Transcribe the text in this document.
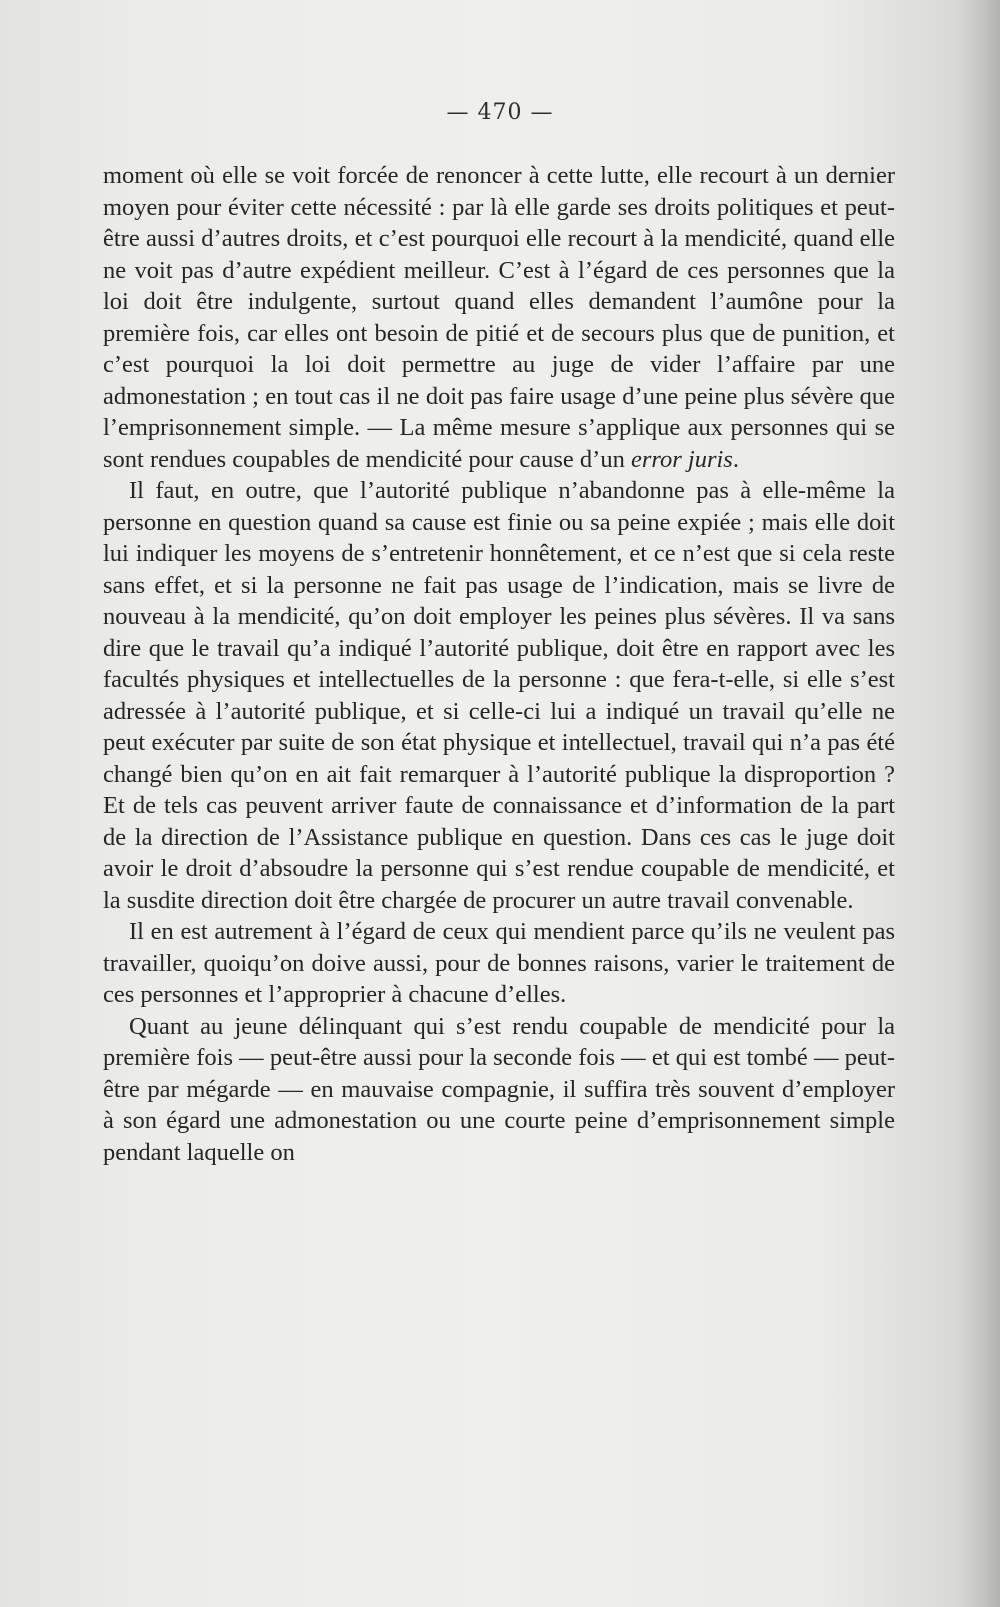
— 470 —

moment où elle se voit forcée de renoncer à cette lutte, elle recourt à un dernier moyen pour éviter cette nécessité : par là elle garde ses droits politiques et peut-être aussi d’autres droits, et c’est pourquoi elle recourt à la mendicité, quand elle ne voit pas d’autre expédient meilleur. C’est à l’égard de ces personnes que la loi doit être indulgente, surtout quand elles demandent l’aumône pour la première fois, car elles ont besoin de pitié et de secours plus que de punition, et c’est pourquoi la loi doit permettre au juge de vider l’affaire par une admonestation ; en tout cas il ne doit pas faire usage d’une peine plus sévère que l’emprisonnement simple. — La même mesure s’applique aux personnes qui se sont rendues coupables de mendicité pour cause d’un error juris.

Il faut, en outre, que l’autorité publique n’abandonne pas à elle-même la personne en question quand sa cause est finie ou sa peine expiée ; mais elle doit lui indiquer les moyens de s’entretenir honnêtement, et ce n’est que si cela reste sans effet, et si la personne ne fait pas usage de l’indication, mais se livre de nouveau à la mendicité, qu’on doit employer les peines plus sévères. Il va sans dire que le travail qu’a indiqué l’autorité publique, doit être en rapport avec les facultés physiques et intellectuelles de la personne : que fera-t-elle, si elle s’est adressée à l’autorité publique, et si celle-ci lui a indiqué un travail qu’elle ne peut exécuter par suite de son état physique et intellectuel, travail qui n’a pas été changé bien qu’on en ait fait remarquer à l’autorité publique la disproportion ? Et de tels cas peuvent arriver faute de connaissance et d’information de la part de la direction de l’Assistance publique en question. Dans ces cas le juge doit avoir le droit d’absoudre la personne qui s’est rendue coupable de mendicité, et la susdite direction doit être chargée de procurer un autre travail convenable.

Il en est autrement à l’égard de ceux qui mendient parce qu’ils ne veulent pas travailler, quoiqu’on doive aussi, pour de bonnes raisons, varier le traitement de ces personnes et l’approprier à chacune d’elles.

Quant au jeune délinquant qui s’est rendu coupable de mendicité pour la première fois — peut-être aussi pour la seconde fois — et qui est tombé — peut-être par mégarde — en mauvaise compagnie, il suffira très souvent d’employer à son égard une admonestation ou une courte peine d’emprisonnement simple pendant laquelle on
